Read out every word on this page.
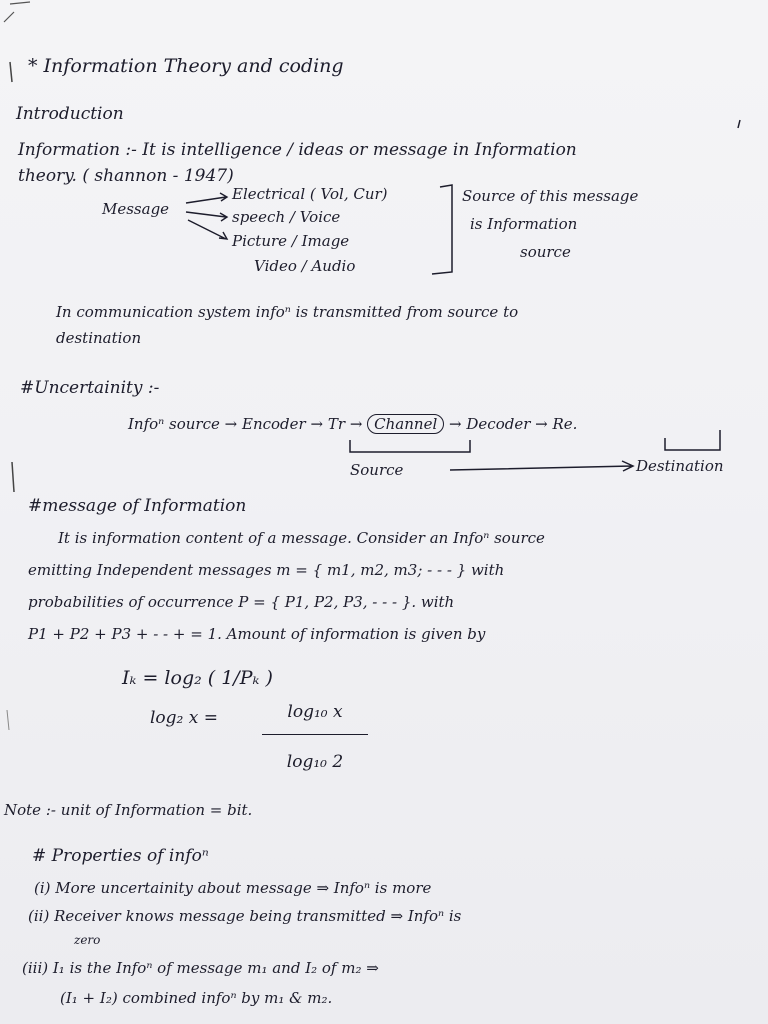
* Information Theory and coding
Introduction
Information :- It is intelligence / ideas or message in Information
theory. ( shannon - 1947)
Message
Electrical ( Vol, Cur)
speech / Voice
Picture / Image
Video / Audio
Source of this message
is Information
source
In communication system infoⁿ is transmitted from source to
destination
#Uncertainity :-
Infoⁿ source → Encoder → Tr → Channel → Decoder → Re.
Source	Destination
#message of Information
It is information content of a message. Consider an Infoⁿ source
emitting Independent messages m = { m1, m2, m3; - - - } with
probabilities of occurrence P = { P1, P2, P3, - - - }. with
P1 + P2 + P3 + - - + = 1. Amount of information is given by
Iₖ = log₂ ( 1/Pₖ )
log₂ x =	log₁₀ x
log₁₀ 2
Note :- unit of Information = bit.
# Properties of infoⁿ
(i) More uncertainity about message ⇒ Infoⁿ is more
(ii) Receiver knows message being transmitted ⇒ Infoⁿ is
zero
(iii) I₁ is the Infoⁿ of message m₁ and I₂ of m₂ ⇒
(I₁ + I₂) combined infoⁿ by m₁ & m₂.
